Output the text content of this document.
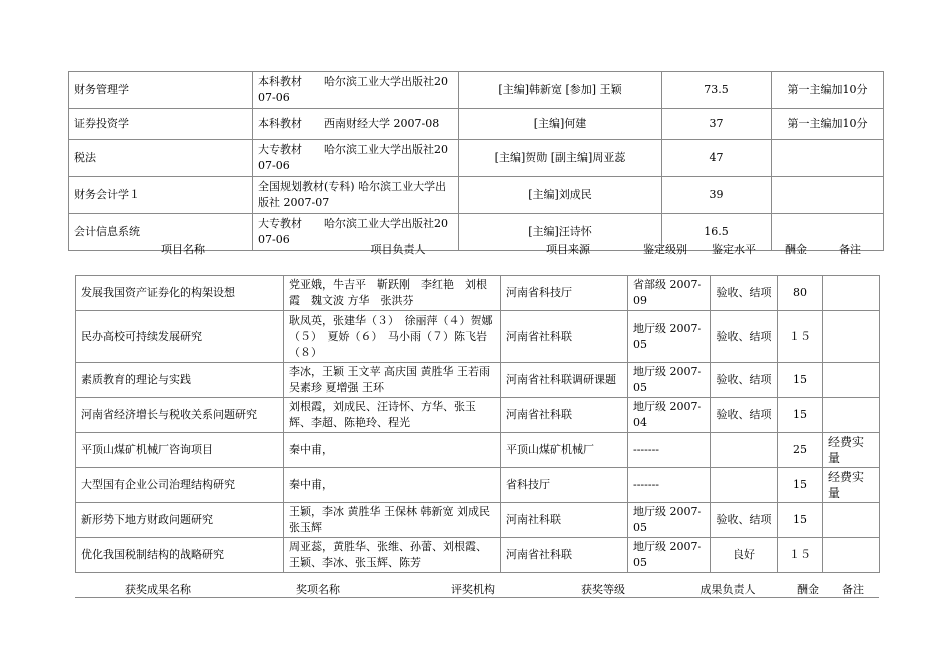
财务管理学	本科教材　　哈尔滨工业大学出版社2007-06	[主编]韩新宽 [参加] 王颖	73.5	第一主编加10分
证券投资学	本科教材　　西南财经大学 2007-08	[主编]何建	37	第一主编加10分
税法	大专教材　　哈尔滨工业大学出版社2007-06	[主编]贺勋 [副主编]周亚蕊	47	
财务会计学１	全国规划教材(专科) 哈尔滨工业大学出版社 2007-07	[主编]刘成民	39	
会计信息系统	大专教材　　哈尔滨工业大学出版社2007-06	[主编]汪诗怀	16.5	
项目名称	项目负责人	项目来源	鉴定级别	鉴定水平	酬金	备注
发展我国资产证券化的构架设想	党亚娥，牛吉平　靳跃刚　李红艳　刘根霞　魏文波 方华　张洪芬	河南省科技厅	省部级 2007-09	验收、结项	80	
民办高校可持续发展研究	耿凤英，张建华（３）　徐丽萍（４）贺娜（５）　夏娇（６）　马小雨（７）陈飞岩（８）	河南省社科联	地厅级 2007-05	验收、结项	１５	
素质教育的理论与实践	李冰，王颖 王文苹 高庆国 黄胜华 王若雨 吴素珍 夏增强 王环	河南省社科联调研课题	地厅级 2007-05	验收、结项	15	
河南省经济增长与税收关系问题研究	刘根霞，刘成民、汪诗怀、方华、张玉辉、李超、陈艳玲、程光	河南省社科联	地厅级 2007-04	验收、结项	15	
平顶山煤矿机械厂咨询项目	秦中甫，	平顶山煤矿机械厂	-------		25	经费实量
大型国有企业公司治理结构研究	秦中甫，	省科技厅	-------		15	经费实量
新形势下地方财政问题研究	王颖，李冰 黄胜华 王保林 韩新宽 刘成民 张玉辉	河南社科联	地厅级 2007-05	验收、结项	15	
优化我国税制结构的战略研究	周亚蕊，黄胜华、张维、孙蕾、刘根霞、王颖、李冰、张玉辉、陈芳	河南省社科联	地厅级 2007-05	良好	１５	
获奖成果名称	奖项名称	评奖机构	获奖等级	成果负责人	酬金	备注
